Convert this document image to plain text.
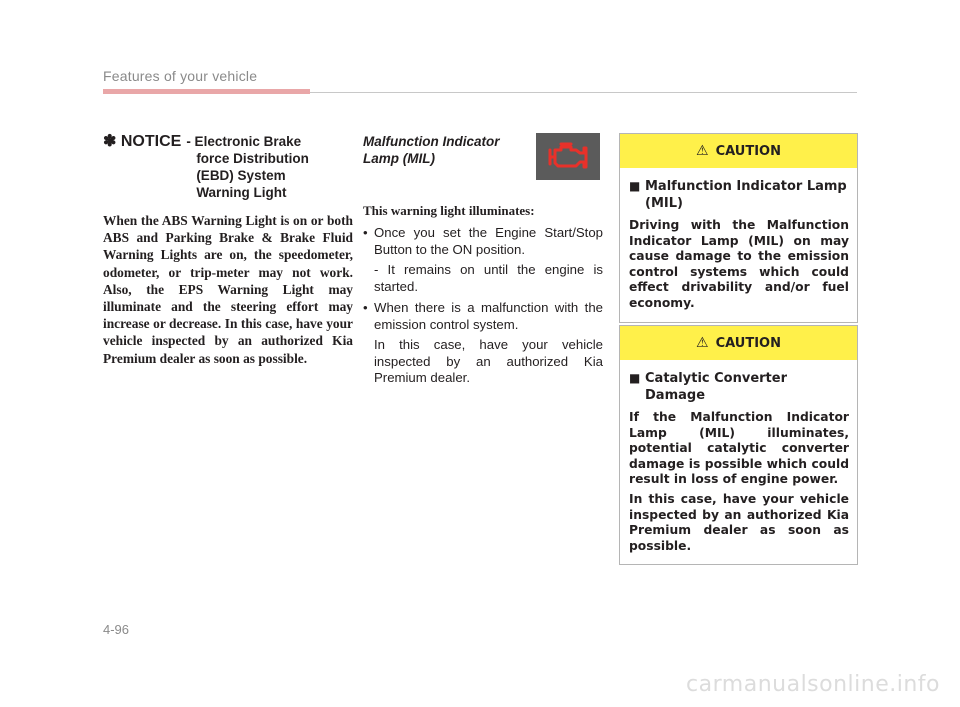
Features of your vehicle
✽ NOTICE - Electronic Brake
force Distribution
(EBD) System
Warning Light
When the ABS Warning Light is on or both ABS and Parking Brake & Brake Fluid Warning Lights are on, the speedometer, odometer, or trip-meter may not work. Also, the EPS Warning Light may illuminate and the steering effort may increase or decrease. In this case, have your vehicle inspected by an authorized Kia Premium dealer as soon as possible.
Malfunction Indicator
Lamp (MIL)
This warning light illuminates:
• Once you set the Engine Start/Stop Button to the ON position.
- It remains on until the engine is started.
• When there is a malfunction with the emission control system.
In this case, have your vehicle inspected by an authorized Kia Premium dealer.
⚠ CAUTION
■ Malfunction Indicator Lamp (MIL)
Driving with the Malfunction Indicator Lamp (MIL) on may cause damage to the emission control systems which could effect drivability and/or fuel economy.
⚠ CAUTION
■ Catalytic Converter Damage
If the Malfunction Indicator Lamp (MIL) illuminates, potential catalytic converter damage is possible which could result in loss of engine power.
In this case, have your vehicle inspected by an authorized Kia Premium dealer as soon as possible.
4-96
carmanualsonline.info
